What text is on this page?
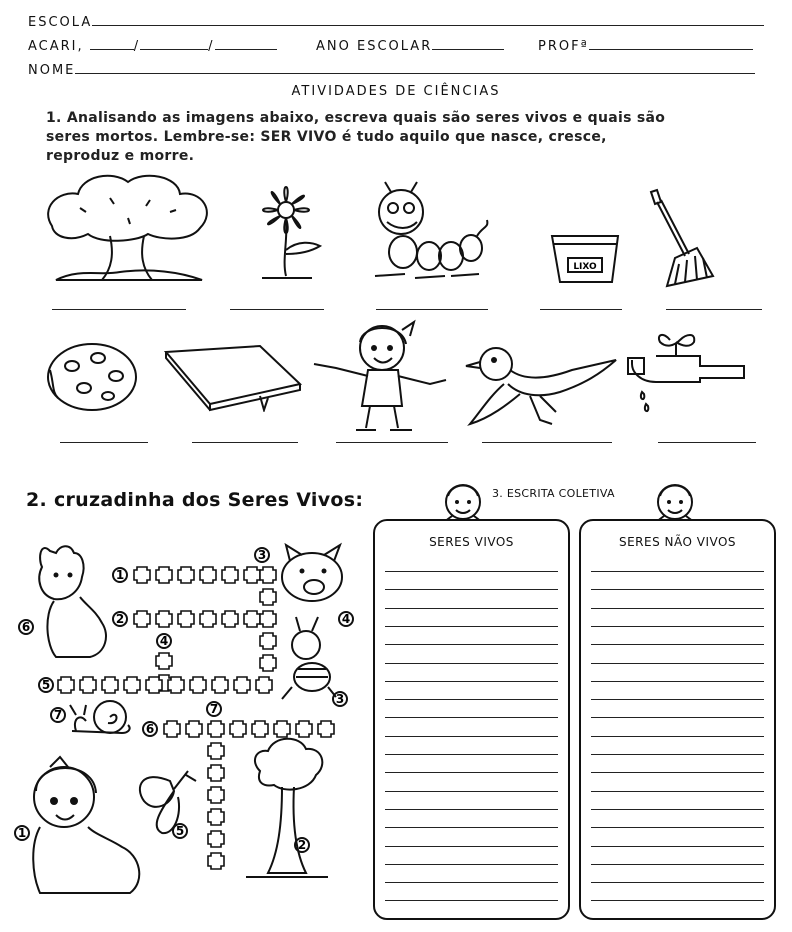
ESCOLA
ACARI,	/	/	ANO ESCOLAR	PROFª
NOME
ATIVIDADES DE CIÊNCIAS
1. Analisando as imagens abaixo, escreva quais são seres vivos e quais são
seres mortos. Lembre-se: SER VIVO é tudo aquilo que nasce, cresce,
reproduz e morre.
LIXO
2. cruzadinha dos Seres Vivos:
1
2
3
4
5
6
7
6
4
3
7
1	5
2
3. ESCRITA COLETIVA
SERES VIVOS	SERES NÃO VIVOS
